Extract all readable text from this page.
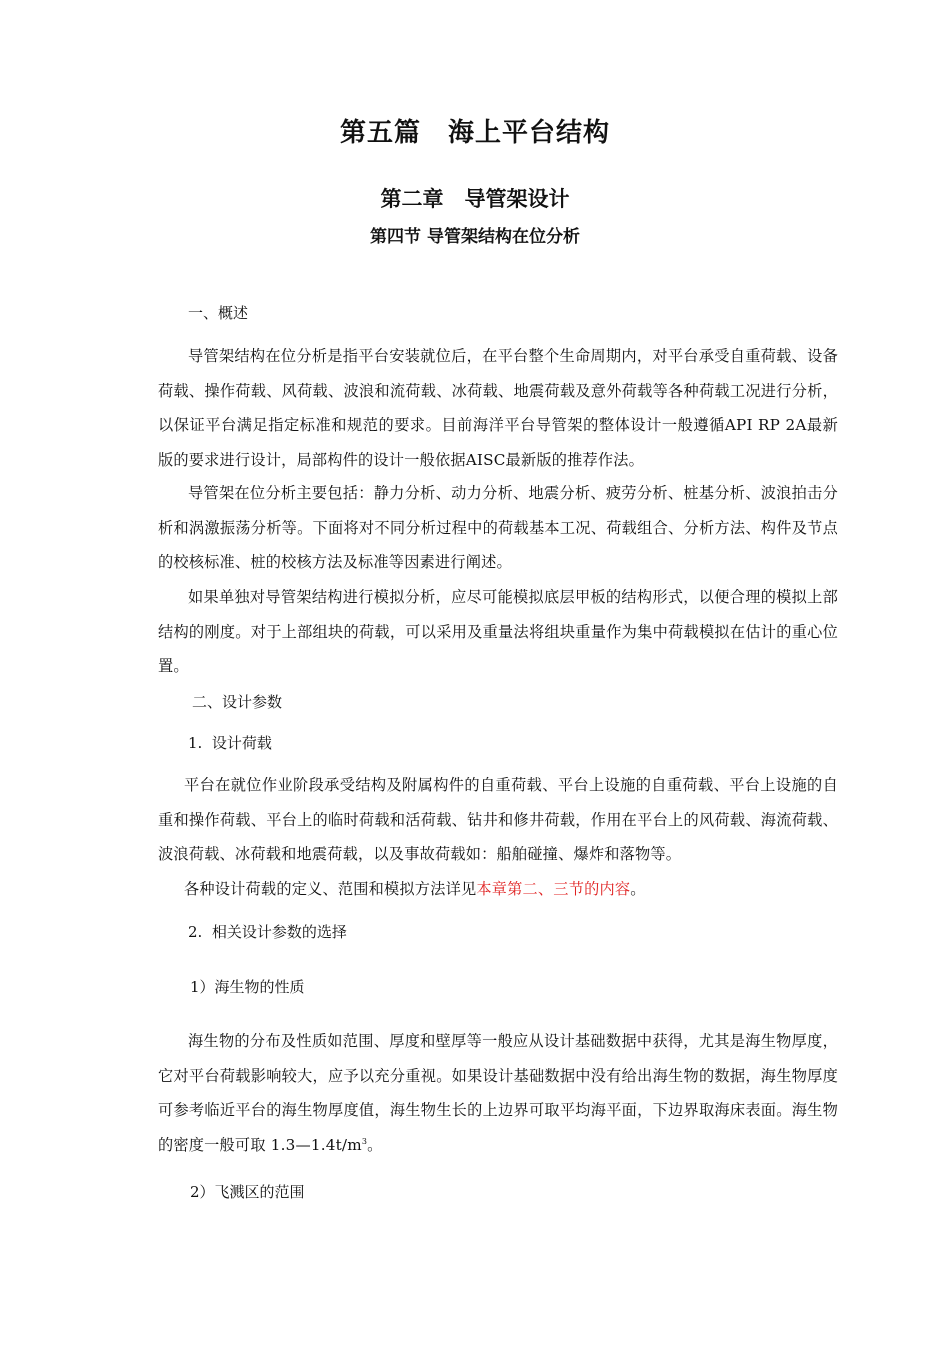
第五篇　海上平台结构
第二章　导管架设计
第四节 导管架结构在位分析
一、概述
导管架结构在位分析是指平台安装就位后，在平台整个生命周期内，对平台承受自重荷载、设备荷载、操作荷载、风荷载、波浪和流荷载、冰荷载、地震荷载及意外荷载等各种荷载工况进行分析，以保证平台满足指定标准和规范的要求。目前海洋平台导管架的整体设计一般遵循API RP 2A最新版的要求进行设计，局部构件的设计一般依据AISC最新版的推荐作法。
导管架在位分析主要包括：静力分析、动力分析、地震分析、疲劳分析、桩基分析、波浪拍击分析和涡激振荡分析等。下面将对不同分析过程中的荷载基本工况、荷载组合、分析方法、构件及节点的校核标准、桩的校核方法及标准等因素进行阐述。
如果单独对导管架结构进行模拟分析，应尽可能模拟底层甲板的结构形式，以便合理的模拟上部结构的刚度。对于上部组块的荷载，可以采用及重量法将组块重量作为集中荷载模拟在估计的重心位置。
二、设计参数
1.  设计荷载
平台在就位作业阶段承受结构及附属构件的自重荷载、平台上设施的自重荷载、平台上设施的自重和操作荷载、平台上的临时荷载和活荷载、钻井和修井荷载，作用在平台上的风荷载、海流荷载、波浪荷载、冰荷载和地震荷载，以及事故荷载如：船舶碰撞、爆炸和落物等。
各种设计荷载的定义、范围和模拟方法详见本章第二、三节的内容。
2.  相关设计参数的选择
1）海生物的性质
海生物的分布及性质如范围、厚度和壁厚等一般应从设计基础数据中获得，尤其是海生物厚度，它对平台荷载影响较大，应予以充分重视。如果设计基础数据中没有给出海生物的数据，海生物厚度可参考临近平台的海生物厚度值，海生物生长的上边界可取平均海平面，下边界取海床表面。海生物的密度一般可取 $1.3—1.4t/m^3$。
2）飞溅区的范围
